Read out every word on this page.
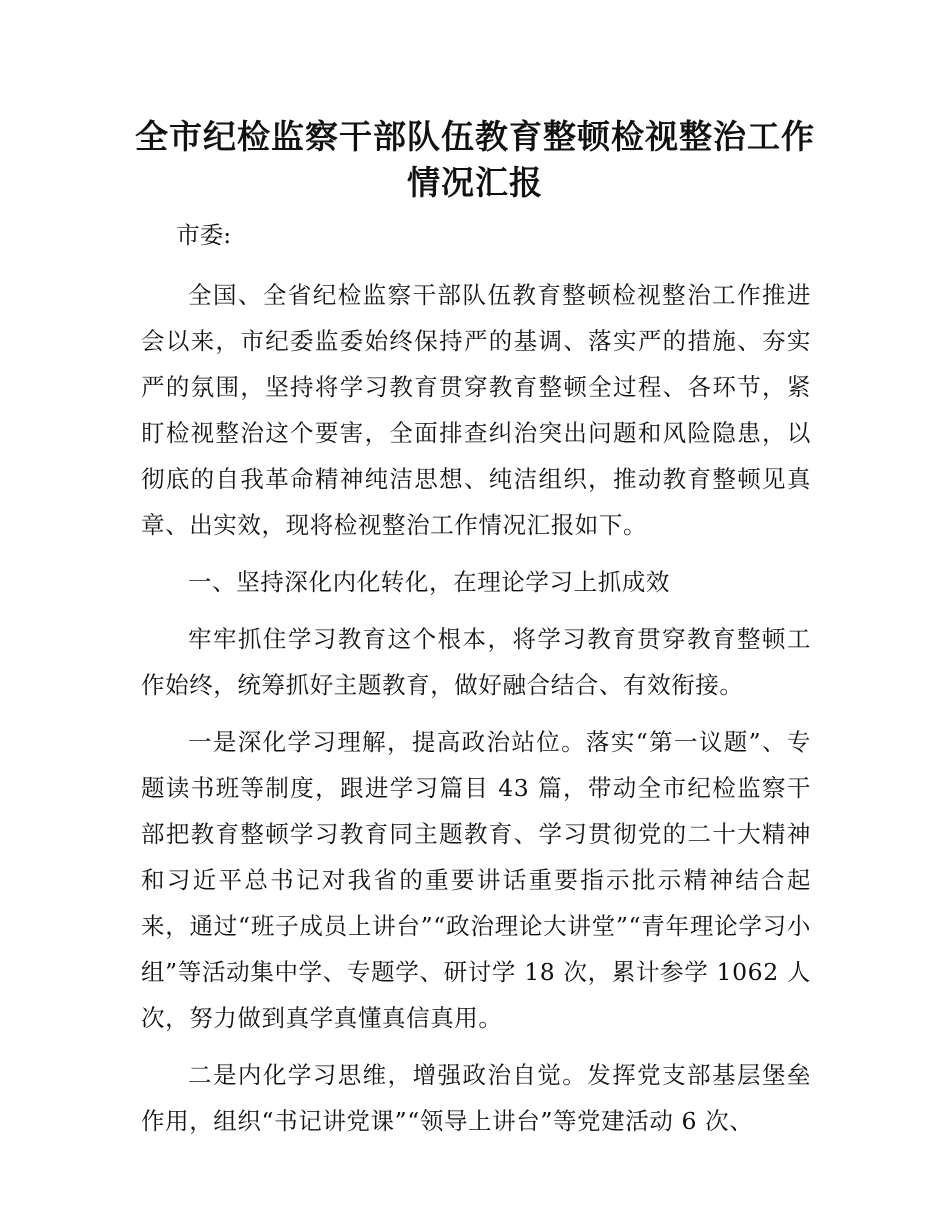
全市纪检监察干部队伍教育整顿检视整治工作
情况汇报

市委:

全国、全省纪检监察干部队伍教育整顿检视整治工作推进会以来，市纪委监委始终保持严的基调、落实严的措施、夯实严的氛围，坚持将学习教育贯穿教育整顿全过程、各环节，紧盯检视整治这个要害，全面排查纠治突出问题和风险隐患，以彻底的自我革命精神纯洁思想、纯洁组织，推动教育整顿见真章、出实效，现将检视整治工作情况汇报如下。

一、坚持深化内化转化，在理论学习上抓成效

牢牢抓住学习教育这个根本，将学习教育贯穿教育整顿工作始终，统筹抓好主题教育，做好融合结合、有效衔接。

一是深化学习理解，提高政治站位。落实“第一议题”、专题读书班等制度，跟进学习篇目 43 篇，带动全市纪检监察干部把教育整顿学习教育同主题教育、学习贯彻党的二十大精神和习近平总书记对我省的重要讲话重要指示批示精神结合起来，通过“班子成员上讲台”“政治理论大讲堂”“青年理论学习小组”等活动集中学、专题学、研讨学 18 次，累计参学 1062 人次，努力做到真学真懂真信真用。

二是内化学习思维，增强政治自觉。发挥党支部基层堡垒作用，组织“书记讲党课”“领导上讲台”等党建活动 6 次、
